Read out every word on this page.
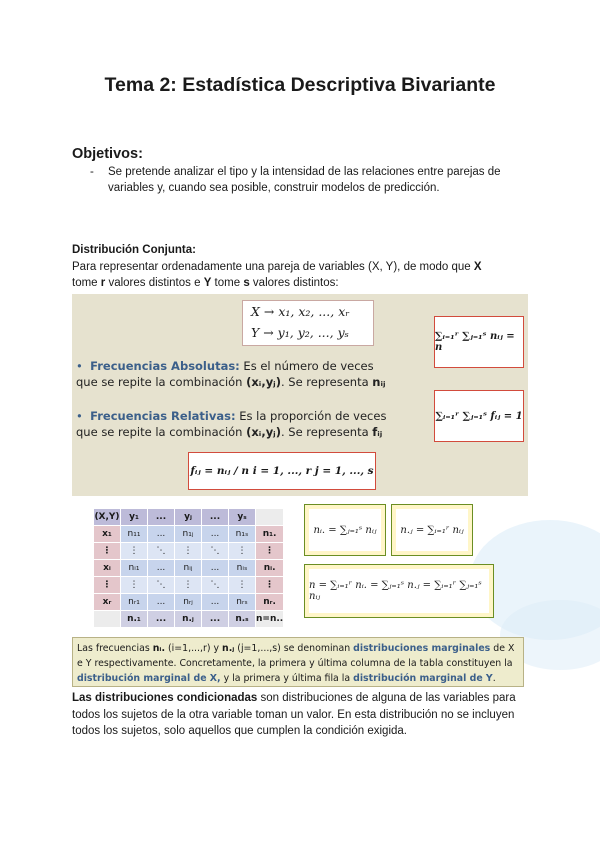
Tema 2: Estadística Descriptiva Bivariante
Objetivos:
- Se pretende analizar el tipo y la intensidad de las relaciones entre parejas de variables y, cuando sea posible, construir modelos de predicción.
Distribución Conjunta:
Para representar ordenadamente una pareja de variables (X, Y), de modo que X
tome r valores distintos e Y tome s valores distintos:
X → x₁, x₂, ..., xᵣ
Y → y₁, y₂, ..., yₛ
•  Frecuencias Absolutas: Es el número de veces
que se repite la combinación (xᵢ,yⱼ). Se representa nᵢⱼ
•  Frecuencias Relativas: Es la proporción de veces
que se repite la combinación (xᵢ,yⱼ). Se representa fᵢⱼ
∑ᵢ₌₁ʳ ∑ⱼ₌₁ˢ nᵢⱼ = n
∑ᵢ₌₁ʳ ∑ⱼ₌₁ˢ fᵢⱼ = 1
fᵢⱼ = nᵢⱼ / n i = 1, ..., r j = 1, ..., s
(X,Y)	y₁	...	yⱼ	...	yₛ	
x₁	n₁₁	...	n₁ⱼ	...	n₁ₛ	n₁.
⋮	⋮	⋱	⋮	⋱	⋮	⋮
xᵢ	nᵢ₁	...	nᵢⱼ	...	nᵢₛ	nᵢ.
⋮	⋮	⋱	⋮	⋱	⋮	⋮
xᵣ	nᵣ₁	...	nᵣⱼ	...	nᵣₛ	nᵣ.
	n.₁	...	n.ⱼ	...	n.ₛ	n=n..
nᵢ. = ∑ⱼ₌₁ˢ nᵢⱼ n.ⱼ = ∑ᵢ₌₁ʳ nᵢⱼ
n = ∑ᵢ₌₁ʳ nᵢ. = ∑ⱼ₌₁ˢ n.ⱼ = ∑ᵢ₌₁ʳ ∑ⱼ₌₁ˢ nᵢⱼ
Las frecuencias nᵢ. (i=1,...,r) y n.ⱼ (j=1,...,s) se denominan distribuciones marginales de X e Y respectivamente. Concretamente, la primera y última columna de la tabla constituyen la distribución marginal de X, y la primera y última fila la distribución marginal de Y.
Las distribuciones condicionadas son distribuciones de alguna de las variables para todos los sujetos de la otra variable toman un valor. En esta distribución no se incluyen todos los sujetos, solo aquellos que cumplen la condición exigida.
